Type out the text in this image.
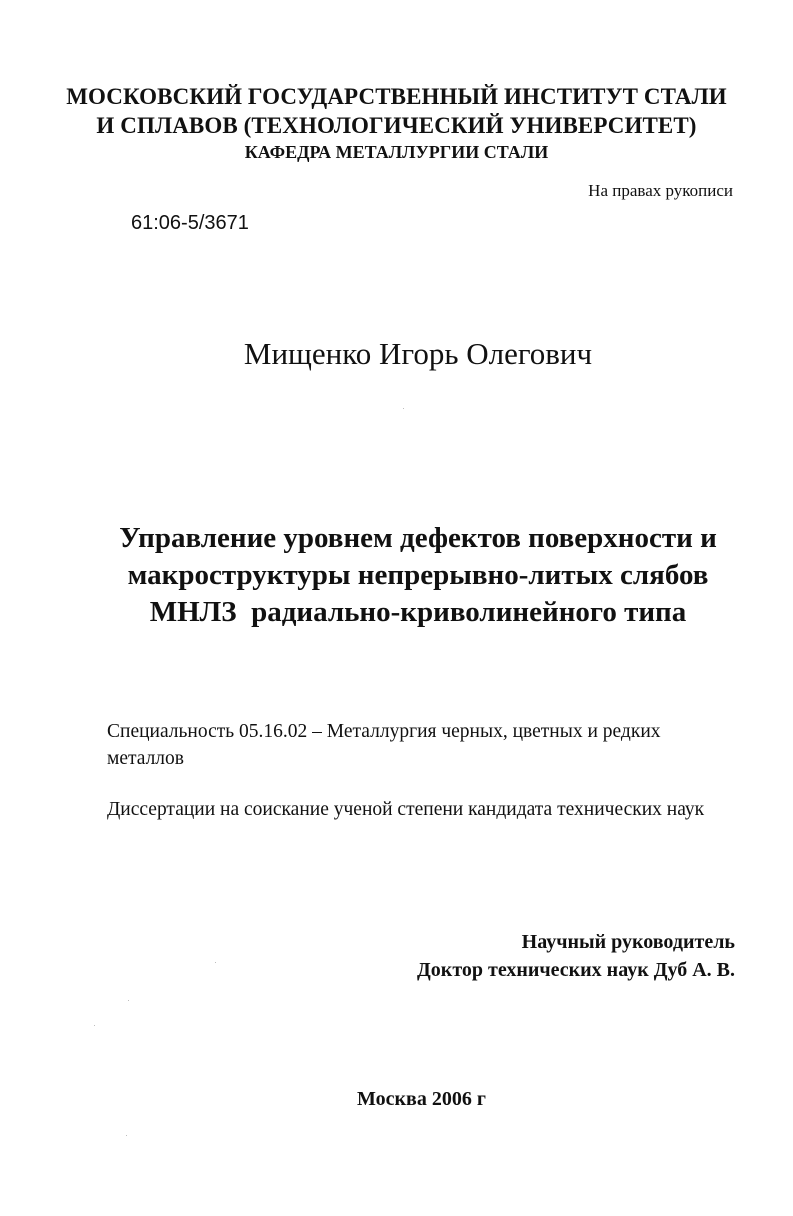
МОСКОВСКИЙ ГОСУДАРСТВЕННЫЙ ИНСТИТУТ СТАЛИ
И СПЛАВОВ (ТЕХНОЛОГИЧЕСКИЙ УНИВЕРСИТЕТ)
КАФЕДРА МЕТАЛЛУРГИИ СТАЛИ
На правах рукописи
61:06-5/3671
Мищенко Игорь Олегович
Управление уровнем дефектов поверхности и
макроструктуры непрерывно-литых слябов
МНЛЗ  радиально-криволинейного типа
Специальность 05.16.02 – Металлургия черных, цветных и редких металлов
Диссертации на соискание ученой степени кандидата технических наук
Научный руководитель
Доктор технических наук Дуб А. В.
Москва 2006 г
